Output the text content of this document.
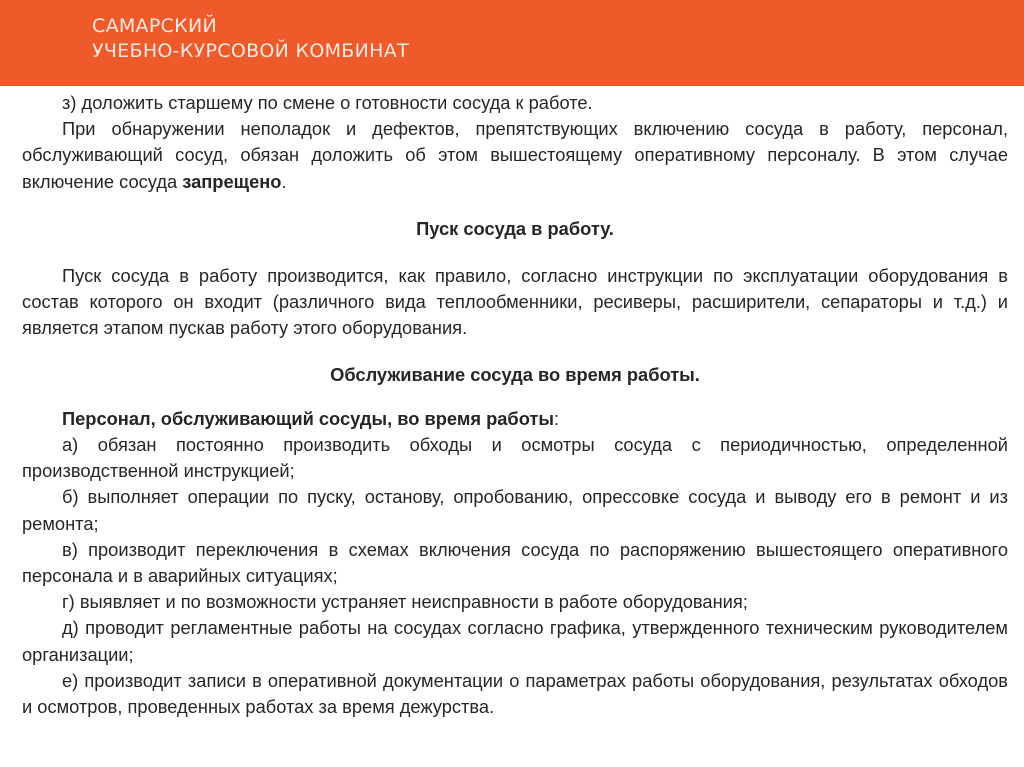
САМАРСКИЙ
УЧЕБНО-КУРСОВОЙ КОМБИНАТ

з) доложить старшему по смене о готовности сосуда к работе.

При обнаружении неполадок и дефектов, препятствующих включению сосуда в работу, персонал, обслуживающий сосуд, обязан доложить об этом вышестоящему оперативному персоналу. В этом случае включение сосуда запрещено.

Пуск сосуда в работу.

Пуск сосуда в работу производится, как правило, согласно инструкции по эксплуатации оборудования в состав которого он входит (различного вида теплообменники, ресиверы, расширители, сепараторы и т.д.) и является этапом пускав работу этого оборудования.

Обслуживание сосуда во время работы.

Персонал, обслуживающий сосуды, во время работы:

а) обязан постоянно производить обходы и осмотры сосуда с периодичностью, определенной производственной инструкцией;

б) выполняет операции по пуску, останову, опробованию, опрессовке сосуда и выводу его в ремонт и из ремонта;

в) производит переключения в схемах включения сосуда по распоряжению вышестоящего оперативного персонала и в аварийных ситуациях;

г) выявляет и по возможности устраняет неисправности в работе оборудования;

д) проводит регламентные работы на сосудах согласно графика, утвержденного техническим руководителем организации;

е) производит записи в оперативной документации о параметрах работы оборудования, результатах обходов и осмотров, проведенных работах за время дежурства.
